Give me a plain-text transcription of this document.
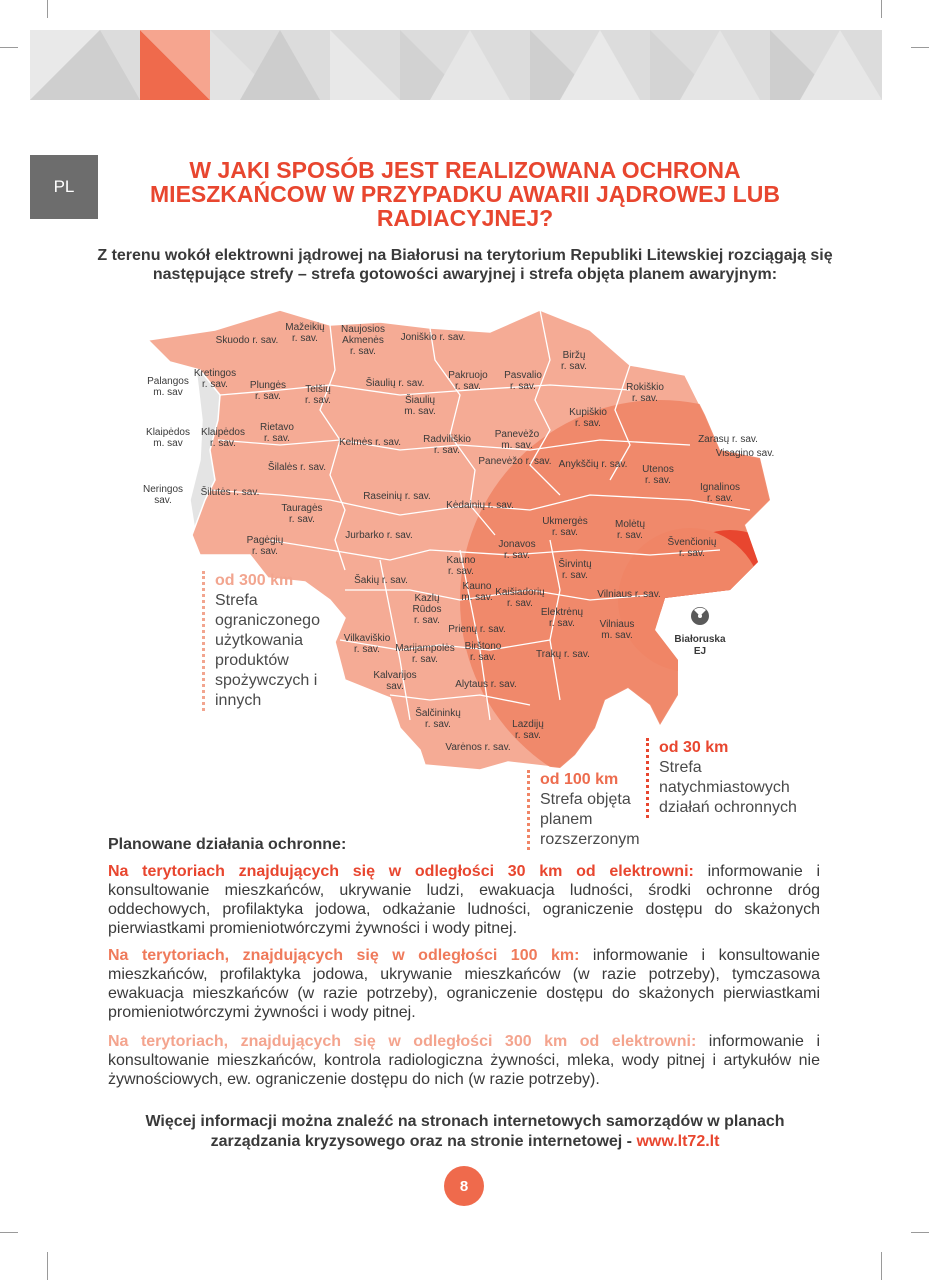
PL
W JAKI SPOSÓB JEST REALIZOWANA OCHRONA MIESZKAŃCOW W PRZYPADKU AWARII JĄDROWEJ LUB RADIACYJNEJ?

Z terenu wokół elektrowni jądrowej na Białorusi na terytorium Republiki Litewskiej rozciągają się następujące strefy – strefa gotowości awaryjnej i strefa objęta planem awaryjnym:

Białoruska
EJ
Mažeikių r. sav.
Naujosios Akmenės r. sav.
Joniškio r. sav.
Skuodo r. sav.
Biržų r. sav.
Palangos m. sav
Kretingos r. sav.	Plungės r. sav.
Telšių r. sav.
Šiaulių r. sav.
Pakruojo r. sav.
Pasvalio r. sav.	Rokiškio r. sav.
Šiaulių m. sav.	Kupiškio r. sav.
Klaipėdos m. sav
Klaipėdos r. sav.
Rietavo r. sav.	Kelmės r. sav. Radviliškio r. sav.
Panevėžo m. sav.
Zarasų r. sav.
Visagino sav.
Šilalės r. sav.
Panevėžo r. sav. Anykščių r. sav. Utenos r. sav.
Neringos sav.
Šilutės r. sav.	Ignalinos r. sav.
Raseinių r. sav.
Tauragės r. sav.
Kėdainių r. sav.
Ukmergės r. sav.
Molėtų r. sav.
Jurbarko r. sav.
Pagėgių r. sav.
Jonavos r. sav.
Švenčionių r. sav.
Kauno r. sav.
Širvintų r. sav.
Šakių r. sav.
Kauno m. sav.
Kazlų Rūdos r. sav.
Kaišiadorių r. sav.
Vilniaus r. sav.
Elektrėnų r. sav.	Vilniaus m. sav.
Prienų r. sav.
Vilkaviškio r. sav.	Marijampolės r. sav.
Birštono r. sav.	Trakų r. sav.
Kalvarijos sav.	Alytaus r. sav.
Šalčininkų r. sav.	Lazdijų r. sav.
Varėnos r. sav.
od 300 km
Strefa
ograniczonego
użytkowania
produktów
spożywczych i
innych
od 100 km
Strefa objęta
planem
rozszerzonym
od 30 km
Strefa
natychmiastowych
działań ochronnych
Planowane działania ochronne:

Na terytoriach znajdujących się w odległości 30 km od elektrowni: informowanie i konsultowanie mieszkańców, ukrywanie ludzi, ewakuacja ludności, środki ochronne dróg oddechowych, profilaktyka jodowa, odkażanie ludności, ograniczenie dostępu do skażonych pierwiastkami promieniotwórczymi żywności i wody pitnej.

Na terytoriach, znajdujących się w odległości 100 km: informowanie i konsultowanie mieszkańców, profilaktyka jodowa, ukrywanie mieszkańców (w razie potrzeby), tymczasowa ewakuacja mieszkańców (w razie potrzeby), ograniczenie dostępu do skażonych pierwiastkami promieniotwórczymi żywności i wody pitnej.

Na terytoriach, znajdujących się w odległości 300 km od elektrowni: informowanie i konsultowanie mieszkańców, kontrola radiologiczna żywności, mleka, wody pitnej i artykułów nie żywnościowych, ew. ograniczenie dostępu do nich (w razie potrzeby).

Więcej informacji można znaleźć na stronach internetowych samorządów w planach zarządzania kryzysowego oraz na stronie internetowej - www.lt72.lt

8
